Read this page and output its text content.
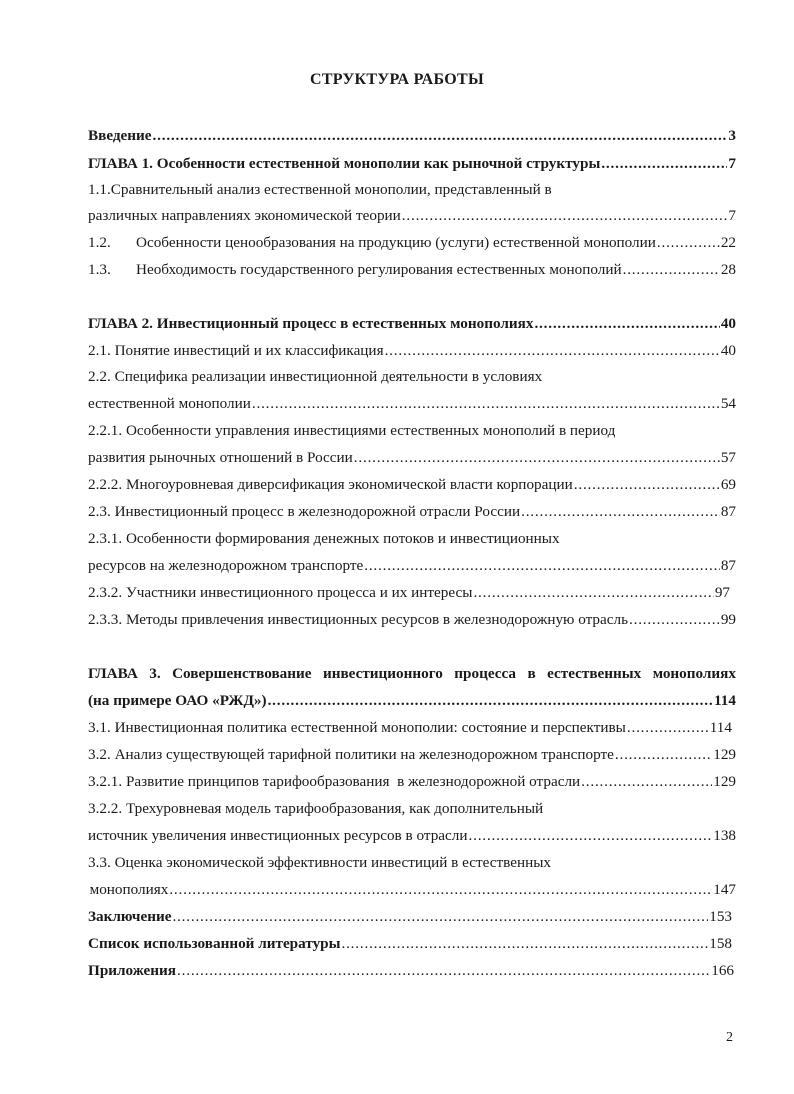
СТРУКТУРА РАБОТЫ
Введение .....	3
ГЛАВА 1. Особенности естественной монополии как рыночной структуры .....	7
1.1.Сравнительный анализ естественной монополии, представленный в
различных направлениях экономической теории .....	7
1.2.	Особенности ценообразования на продукцию (услуги) естественной монополии .....	22
1.3.	Необходимость государственного регулирования естественных монополий .....	28
ГЛАВА 2. Инвестиционный процесс в естественных монополиях .....	40
2.1. Понятие инвестиций и их классификация .....	40
2.2. Специфика реализации инвестиционной деятельности в условиях
естественной монополии .....	54
2.2.1. Особенности управления инвестициями естественных монополий в период
развития рыночных отношений в России .....	57
2.2.2. Многоуровневая диверсификация экономической власти корпорации .....	69
2.3. Инвестиционный процесс в железнодорожной отрасли России .....	87
2.3.1. Особенности формирования денежных потоков и инвестиционных
ресурсов на железнодорожном транспорте .....	87
2.3.2. Участники инвестиционного процесса и их интересы .....	97
2.3.3. Методы привлечения инвестиционных ресурсов в железнодорожную отрасль .....	99
ГЛАВА 3. Совершенствование инвестиционного процесса в естественных монополиях
(на примере ОАО «РЖД») .....	114
3.1. Инвестиционная политика естественной монополии: состояние и перспективы .....	114
3.2. Анализ существующей тарифной политики на железнодорожном транспорте .....	129
3.2.1. Развитие принципов тарифообразования  в железнодорожной отрасли .....	129
3.2.2. Трехуровневая модель тарифообразования, как дополнительный
источник увеличения инвестиционных ресурсов в отрасли .....	138
3.3. Оценка экономической эффективности инвестиций в естественных
монополиях .....	147
Заключение .....	153
Список использованной литературы .....	158
Приложения .....	166
2
